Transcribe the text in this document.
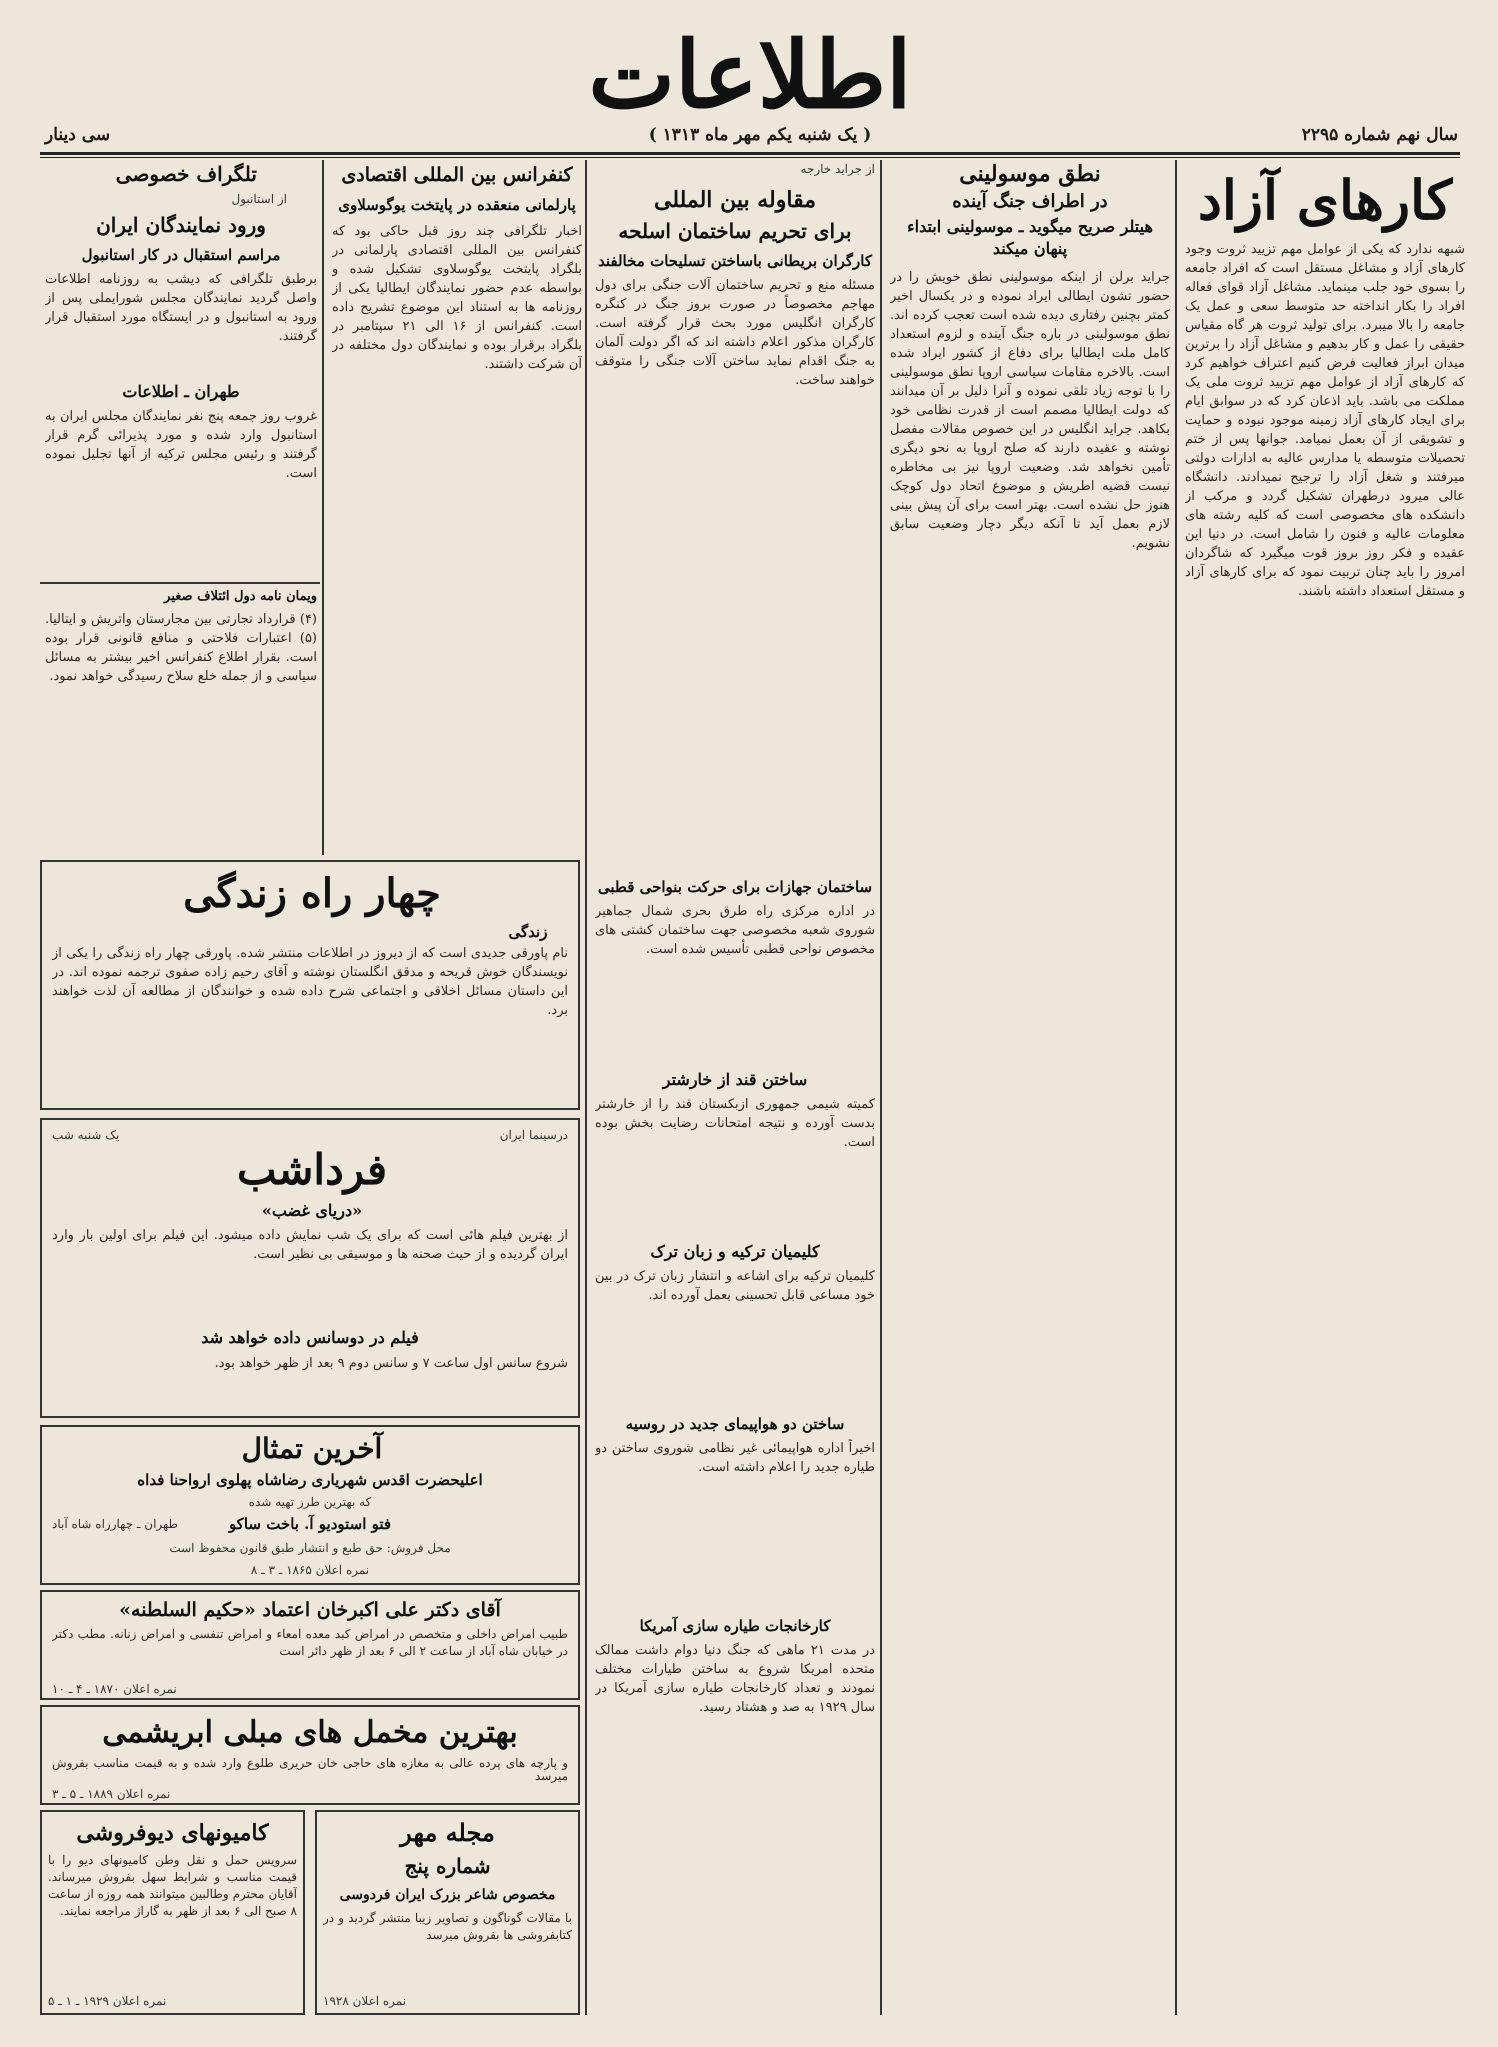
اطلاعات
سال نهم شماره ۲۲۹۵
( یک شنبه یکم مهر ماه ۱۳۱۳ )
سی دینار
کارهای آزاد
شبهه ندارد که یکی از عوامل مهم تزیید ثروت وجود کارهای آزاد و مشاغل مستقل است که افراد جامعه را بسوی خود جلب مینماید. مشاغل آزاد قوای فعاله افراد را بکار انداخته حد متوسط سعی و عمل یک جامعه را بالا میبرد. برای تولید ثروت هر گاه مقیاس حقیقی را عمل و کار بدهیم و مشاغل آزاد را برترین میدان ابراز فعالیت فرض کنیم اعتراف خواهیم کرد که کارهای آزاد از عوامل مهم تزیید ثروت ملی یک مملکت می باشد. باید اذعان کرد که در سوابق ایام برای ایجاد کارهای آزاد زمینه موجود نبوده و حمایت و تشویقی از آن بعمل نمیامد. جوانها پس از ختم تحصیلات متوسطه یا مدارس عالیه به ادارات دولتی میرفتند و شغل آزاد را ترجیح نمیدادند. دانشگاه عالی میرود درطهران تشکیل گردد و مرکب از دانشکده های مخصوصی است که کلیه رشته های معلومات عالیه و فنون را شامل است. در دنیا این عقیده و فکر روز بروز قوت میگیرد که شاگردان امروز را باید چنان تربیت نمود که برای کارهای آزاد و مستقل استعداد داشته باشند.
نطق موسولینی
در اطراف جنگ آینده
هیتلر صریح میگوید ـ موسولینی ابتداء پنهان میکند
جراید برلن از اینکه موسولینی نطق خویش را در حضور تشون ایطالی ایراد نموده و در یکسال اخیر کمتر بچنین رفتاری دیده شده است تعجب کرده اند. نطق موسولینی در باره جنگ آینده و لزوم استعداد کامل ملت ایطالیا برای دفاع از کشور ایراد شده است. بالاخره مقامات سیاسی اروپا نطق موسولینی را با توجه زیاد تلقی نموده و آنرا دلیل بر آن میدانند که دولت ایطالیا مصمم است از قدرت نظامی خود بکاهد. جراید انگلیس در این خصوص مقالات مفصل نوشته و عقیده دارند که صلح اروپا به نحو دیگری تأمین نخواهد شد. وضعیت اروپا نیز بی مخاطره نیست قضیه اطریش و موضوع اتحاد دول کوچک هنوز حل نشده است. بهتر است برای آن پیش بینی لازم بعمل آید تا آنکه دیگر دچار وضعیت سابق نشویم.
از جراید خارجه
مقاوله بین المللی
برای تحریم ساختمان اسلحه
کارگران بریطانی باساختن تسلیحات مخالفند
مسئله منع و تحریم ساختمان آلات جنگی برای دول مهاجم مخصوصاً در صورت بروز جنگ در کنگره کارگران انگلیس مورد بحث قرار گرفته است. کارگران مذکور اعلام داشته اند که اگر دولت آلمان به جنگ اقدام نماید ساختن آلات جنگی را متوقف خواهند ساخت.
ساختمان جهازات برای حرکت بنواحی قطبی
در اداره مرکزی راه طرق بحری شمال جماهیر شوروی شعبه مخصوصی جهت ساختمان کشتی های مخصوص نواحی قطبی تأسیس شده است.
ساختن قند از خارشتر
کمیته شیمی جمهوری ازبکستان قند را از خارشتر بدست آورده و نتیجه امتحانات رضایت بخش بوده است.
کلیمیان ترکیه و زبان ترک
کلیمیان ترکیه برای اشاعه و انتشار زبان ترک در بین خود مساعی قابل تحسینی بعمل آورده اند.
ساختن دو هواپیمای جدید در روسیه
اخیراً اداره هواپیمائی غیر نظامی شوروی ساختن دو طیاره جدید را اعلام داشته است.
کارخانجات طیاره سازی آمریکا
در مدت ۲۱ ماهی که جنگ دنیا دوام داشت ممالک متحده امریکا شروع به ساختن طیارات مختلف نمودند و تعداد کارخانجات طیاره سازی آمریکا در سال ۱۹۲۹ به صد و هشتاد رسید.
کنفرانس بین المللی اقتصادی
پارلمانی منعقده در پایتخت یوگوسلاوی
اخبار تلگرافی چند روز قبل حاکی بود که کنفرانس بین المللی اقتصادی پارلمانی در بلگراد پایتخت یوگوسلاوی تشکیل شده و بواسطه عدم حضور نمایندگان ایطالیا یکی از روزنامه ها به استناد این موضوع تشریح داده است. کنفرانس از ۱۶ الی ۲۱ سپتامبر در بلگراد برقرار بوده و نمایندگان دول مختلفه در آن شرکت داشتند.
تلگراف خصوصی
از استانبول
ورود نمایندگان ایران
مراسم استقبال در کار استانبول
برطبق تلگرافی که دیشب به روزنامه اطلاعات واصل گردید نمایندگان مجلس شورایملی پس از ورود به استانبول و در ایستگاه مورد استقبال قرار گرفتند.
طهران ـ اطلاعات
غروب روز جمعه پنج نفر نمایندگان مجلس ایران به استانبول وارد شده و مورد پذیرائی گرم قرار گرفتند و رئیس مجلس ترکیه از آنها تجلیل نموده است.
ویمان نامه دول ائتلاف صغیر
(۴) قرارداد تجارتی بین مجارستان واتریش و ایتالیا. (۵) اعتبارات فلاحتی و منافع قانونی قرار بوده است. بقرار اطلاع کنفرانس اخیر بیشتر به مسائل سیاسی و از جمله خلع سلاح رسیدگی خواهد نمود.
چهار راه زندگی
زندگی
نام پاورقی جدیدی است که از دیروز در اطلاعات منتشر شده. پاورقی چهار راه زندگی را یکی از نویسندگان خوش قریحه و مدقق انگلستان نوشته و آقای رحیم زاده صفوی ترجمه نموده اند. در این داستان مسائل اخلاقی و اجتماعی شرح داده شده و خوانندگان از مطالعه آن لذت خواهند برد.
درسینما ایران
یک شنبه شب
فرداشب
«دریای غضب»
از بهترین فیلم هائی است که برای یک شب نمایش داده میشود. این فیلم برای اولین بار وارد ایران گردیده و از حیث صحنه ها و موسیقی بی نظیر است.
فیلم در دوسانس داده خواهد شد
شروع سانس اول ساعت ۷ و سانس دوم ۹ بعد از ظهر خواهد بود.
آخرین تمثال
اعلیحضرت اقدس شهریاری رضاشاه پهلوی ارواحنا فداه
که بهترین طرز تهیه شده
فتو استودیو آ. باخت ساکو
طهران ـ چهارراه شاه آباد
محل فروش: حق طبع و انتشار طبق قانون محفوظ است
نمره اعلان ۱۸۶۵ ـ ۳ ـ ۸
آقای دکتر علی اکبرخان اعتماد «حکیم السلطنه»
طبیب امراض داخلی و متخصص در امراض کبد معده امعاء و امراض تنفسی و امراض زنانه. مطب دکتر در خیابان شاه آباد از ساعت ۲ الی ۶ بعد از ظهر دائر است
نمره اعلان ۱۸۷۰ ـ ۴ ـ ۱۰
بهترین مخمل های مبلی ابریشمی
و پارچه های پرده عالی به مغازه های حاجی خان حریری طلوع وارد شده و به قیمت مناسب بفروش میرسد
نمره اعلان ۱۸۸۹ ـ ۵ ـ ۳
کامیونهای دیوفروشی
سرویس حمل و نقل وطن کامیونهای دیو را با قیمت مناسب و شرایط سهل بفروش میرساند. آقایان محترم وطالبین میتوانند همه روزه از ساعت ۸ صبح الی ۶ بعد از ظهر به گاراژ مراجعه نمایند.
نمره اعلان ۱۹۲۹ ـ ۱ ـ ۵
مجله مهر
شماره پنج
مخصوص شاعر بزرک ایران فردوسی
با مقالات گوناگون و تصاویر زیبا منتشر گردید و در کتابفروشی ها بفروش میرسد
نمره اعلان ۱۹۲۸
